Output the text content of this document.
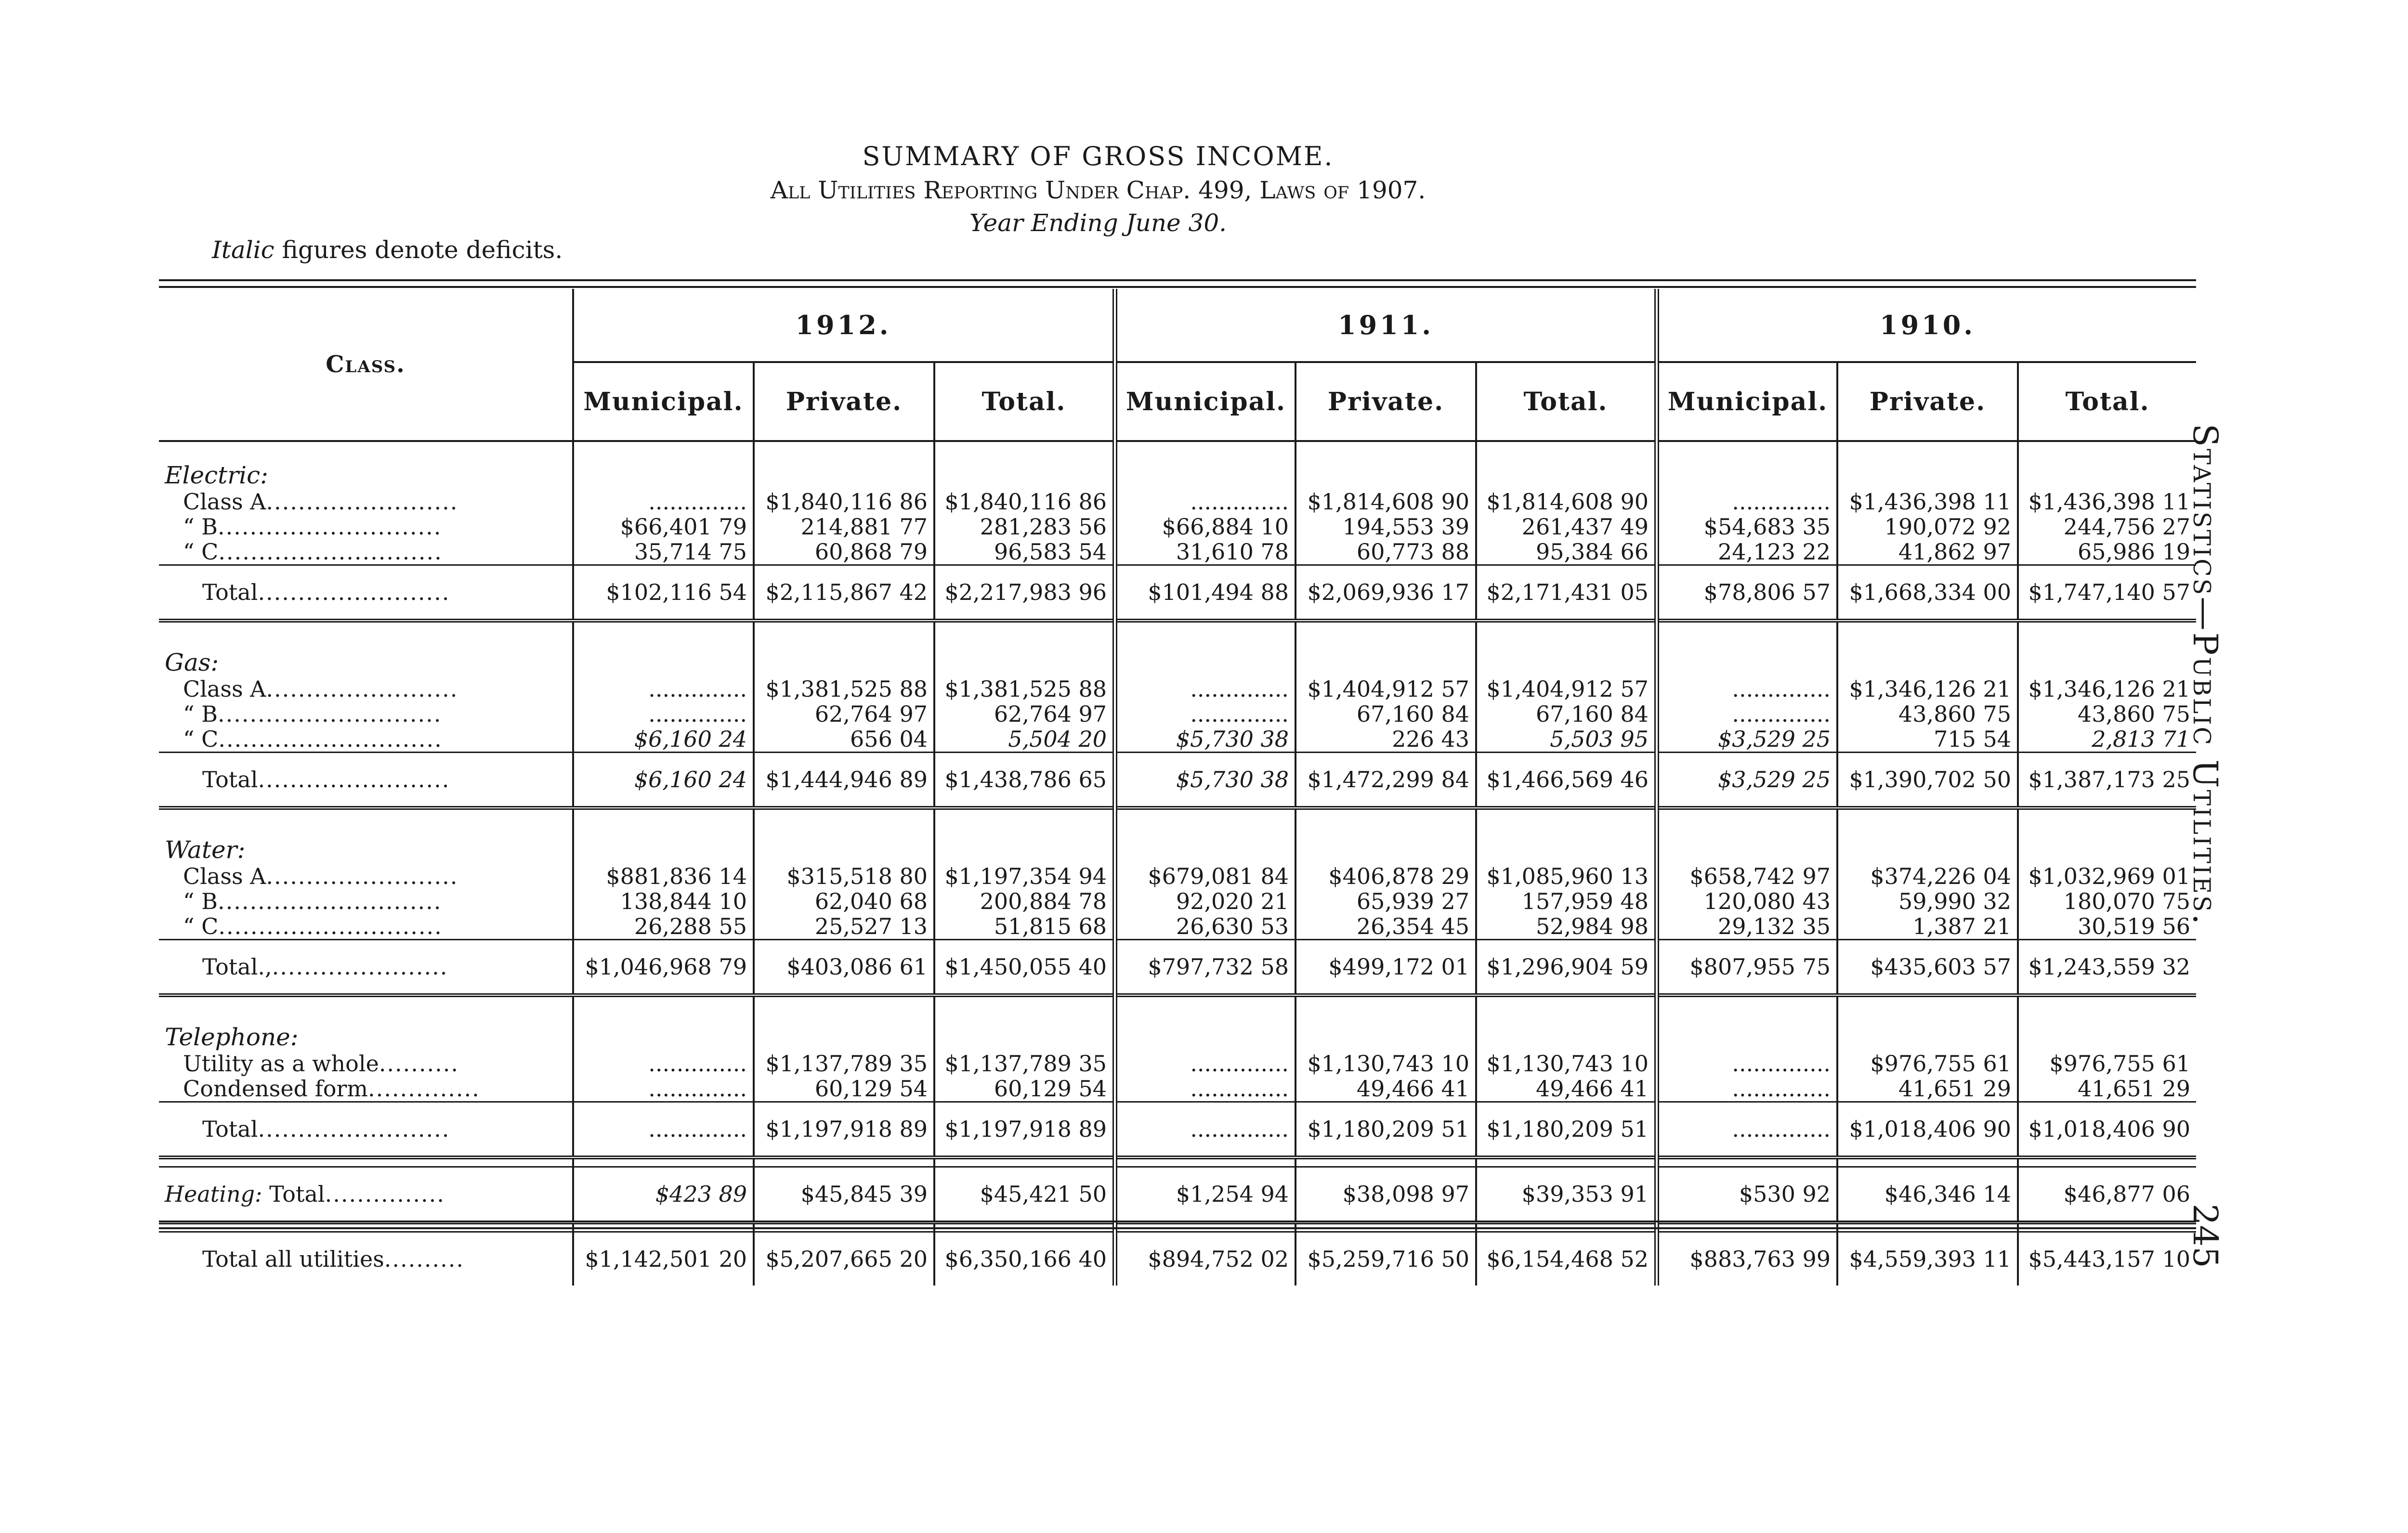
SUMMARY OF GROSS INCOME.
All Utilities Reporting Under Chap. 499, Laws of 1907.
Year Ending June 30.
Italic figures denote deficits.
Class.	1912.			1911.			1910.		
	Municipal.	Private.	Total.	Municipal.	Private.	Total.	Municipal.	Private.	Total.
Electric:									
Class A........................	..............	$1,840,116 86	$1,840,116 86	..............	$1,814,608 90	$1,814,608 90	..............	$1,436,398 11	$1,436,398 11
“ B............................	$66,401 79	214,881 77	281,283 56	$66,884 10	194,553 39	261,437 49	$54,683 35	190,072 92	244,756 27
“ C............................	35,714 75	60,868 79	96,583 54	31,610 78	60,773 88	95,384 66	24,123 22	41,862 97	65,986 19
Total........................	$102,116 54	$2,115,867 42	$2,217,983 96	$101,494 88	$2,069,936 17	$2,171,431 05	$78,806 57	$1,668,334 00	$1,747,140 57

Gas:									
Class A........................	..............	$1,381,525 88	$1,381,525 88	..............	$1,404,912 57	$1,404,912 57	..............	$1,346,126 21	$1,346,126 21
“ B............................	..............	62,764 97	62,764 97	..............	67,160 84	67,160 84	..............	43,860 75	43,860 75
“ C............................	$6,160 24	656 04	5,504 20	$5,730 38	226 43	5,503 95	$3,529 25	715 54	2,813 71
Total........................	$6,160 24	$1,444,946 89	$1,438,786 65	$5,730 38	$1,472,299 84	$1,466,569 46	$3,529 25	$1,390,702 50	$1,387,173 25

Water:									
Class A........................	$881,836 14	$315,518 80	$1,197,354 94	$679,081 84	$406,878 29	$1,085,960 13	$658,742 97	$374,226 04	$1,032,969 01
“ B............................	138,844 10	62,040 68	200,884 78	92,020 21	65,939 27	157,959 48	120,080 43	59,990 32	180,070 75
“ C............................	26,288 55	25,527 13	51,815 68	26,630 53	26,354 45	52,984 98	29,132 35	1,387 21	30,519 56
Total.,......................	$1,046,968 79	$403,086 61	$1,450,055 40	$797,732 58	$499,172 01	$1,296,904 59	$807,955 75	$435,603 57	$1,243,559 32

Telephone:									
Utility as a whole..........	..............	$1,137,789 35	$1,137,789 35	..............	$1,130,743 10	$1,130,743 10	..............	$976,755 61	$976,755 61
Condensed form..............	..............	60,129 54	60,129 54	..............	49,466 41	49,466 41	..............	41,651 29	41,651 29
Total........................	..............	$1,197,918 89	$1,197,918 89	..............	$1,180,209 51	$1,180,209 51	..............	$1,018,406 90	$1,018,406 90

Heating: Total...............	$423 89	$45,845 39	$45,421 50	$1,254 94	$38,098 97	$39,353 91	$530 92	$46,346 14	$46,877 06

Total all utilities..........	$1,142,501 20	$5,207,665 20	$6,350,166 40	$894,752 02	$5,259,716 50	$6,154,468 52	$883,763 99	$4,559,393 11	$5,443,157 10
Statistics—Public Utilities.
245
